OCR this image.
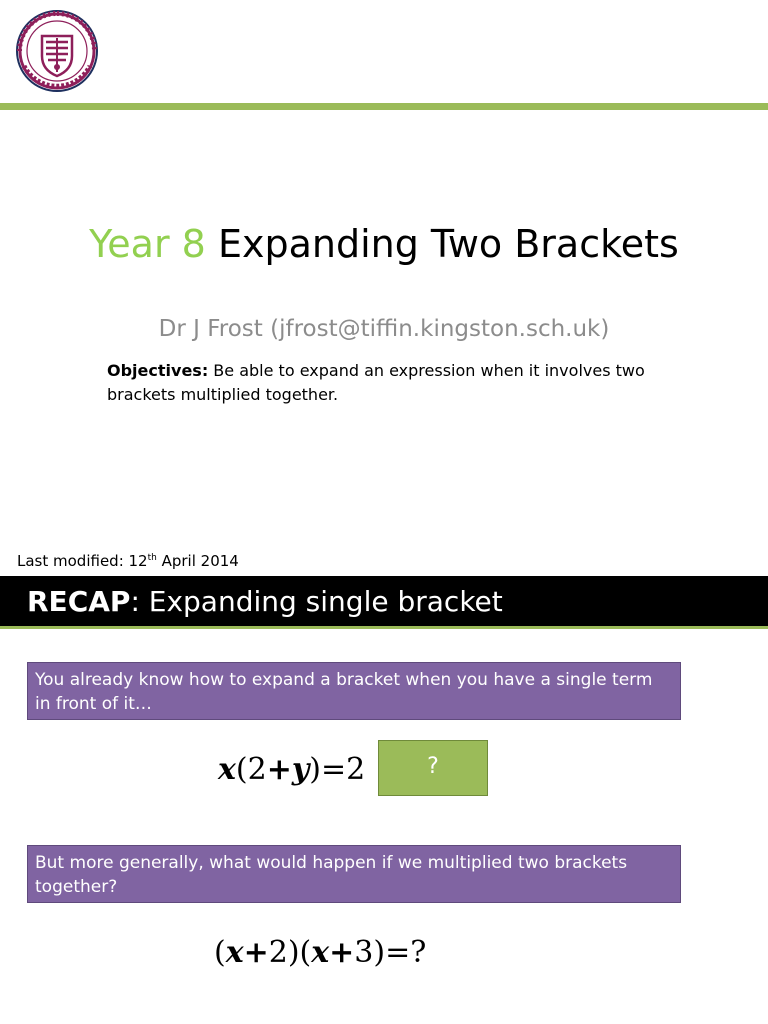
Year 8 Expanding Two Brackets
Dr J Frost (jfrost@tiffin.kingston.sch.uk)
Objectives: Be able to expand an expression when it involves two brackets multiplied together.
Last modified: 12th April 2014
RECAP: Expanding single bracket
You already know how to expand a bracket when you have a single term in front of it…
x(2+y)=2	?
But more generally, what would happen if we multiplied two brackets together?
(x+2)(x+3)=?
